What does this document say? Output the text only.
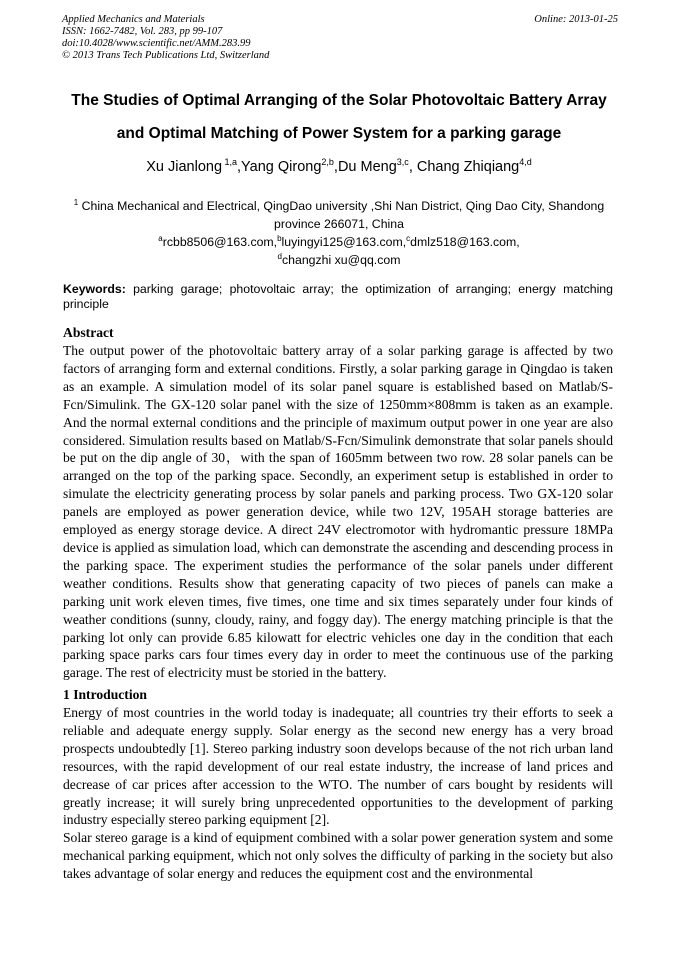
Applied Mechanics and Materials
ISSN: 1662-7482, Vol. 283, pp 99-107
doi:10.4028/www.scientific.net/AMM.283.99
© 2013 Trans Tech Publications Ltd, Switzerland
Online: 2013-01-25
The Studies of Optimal Arranging of the Solar Photovoltaic Battery Array
and Optimal Matching of Power System for a parking garage
Xu Jianlong $^{1,a}$,Yang Qirong$^{2,b}$,Du Meng$^{3,c}$, Chang Zhiqiang$^{4,d}$
$^1$ China Mechanical and Electrical, QingDao university ,Shi Nan District, Qing Dao City, Shandong
province 266071, China
$^a$rcbb8506@163.com,$^b$luyingyi125@163.com,$^c$dmlz518@163.com,
$^d$changzhi xu@qq.com
Keywords: parking garage; photovoltaic array; the optimization of arranging; energy matching principle
Abstract
The output power of the photovoltaic battery array of a solar parking garage is affected by two factors of arranging form and external conditions. Firstly, a solar parking garage in Qingdao is taken as an example. A simulation model of its solar panel square is established based on Matlab/S-Fcn/Simulink. The GX-120 solar panel with the size of 1250mm×808mm is taken as an example. And the normal external conditions and the principle of maximum output power in one year are also considered. Simulation results based on Matlab/S-Fcn/Simulink demonstrate that solar panels should be put on the dip angle of 30，with the span of 1605mm between two row. 28 solar panels can be arranged on the top of the parking space. Secondly, an experiment setup is established in order to simulate the electricity generating process by solar panels and parking process. Two GX-120 solar panels are employed as power generation device, while two 12V, 195AH storage batteries are employed as energy storage device. A direct 24V electromotor with hydromantic pressure 18MPa device is applied as simulation load, which can demonstrate the ascending and descending process in the parking space. The experiment studies the performance of the solar panels under different weather conditions. Results show that generating capacity of two pieces of panels can make a parking unit work eleven times, five times, one time and six times separately under four kinds of weather conditions (sunny, cloudy, rainy, and foggy day). The energy matching principle is that the parking lot only can provide 6.85 kilowatt for electric vehicles one day in the condition that each parking space parks cars four times every day in order to meet the continuous use of the parking garage. The rest of electricity must be storied in the battery.
1 Introduction
Energy of most countries in the world today is inadequate; all countries try their efforts to seek a reliable and adequate energy supply. Solar energy as the second new energy has a very broad prospects undoubtedly [1]. Stereo parking industry soon develops because of the not rich urban land resources, with the rapid development of our real estate industry, the increase of land prices and decrease of car prices after accession to the WTO. The number of cars bought by residents will greatly increase; it will surely bring unprecedented opportunities to the development of parking industry especially stereo parking equipment [2].
Solar stereo garage is a kind of equipment combined with a solar power generation system and some mechanical parking equipment, which not only solves the difficulty of parking in the society but also takes advantage of solar energy and reduces the equipment cost and the environmental
